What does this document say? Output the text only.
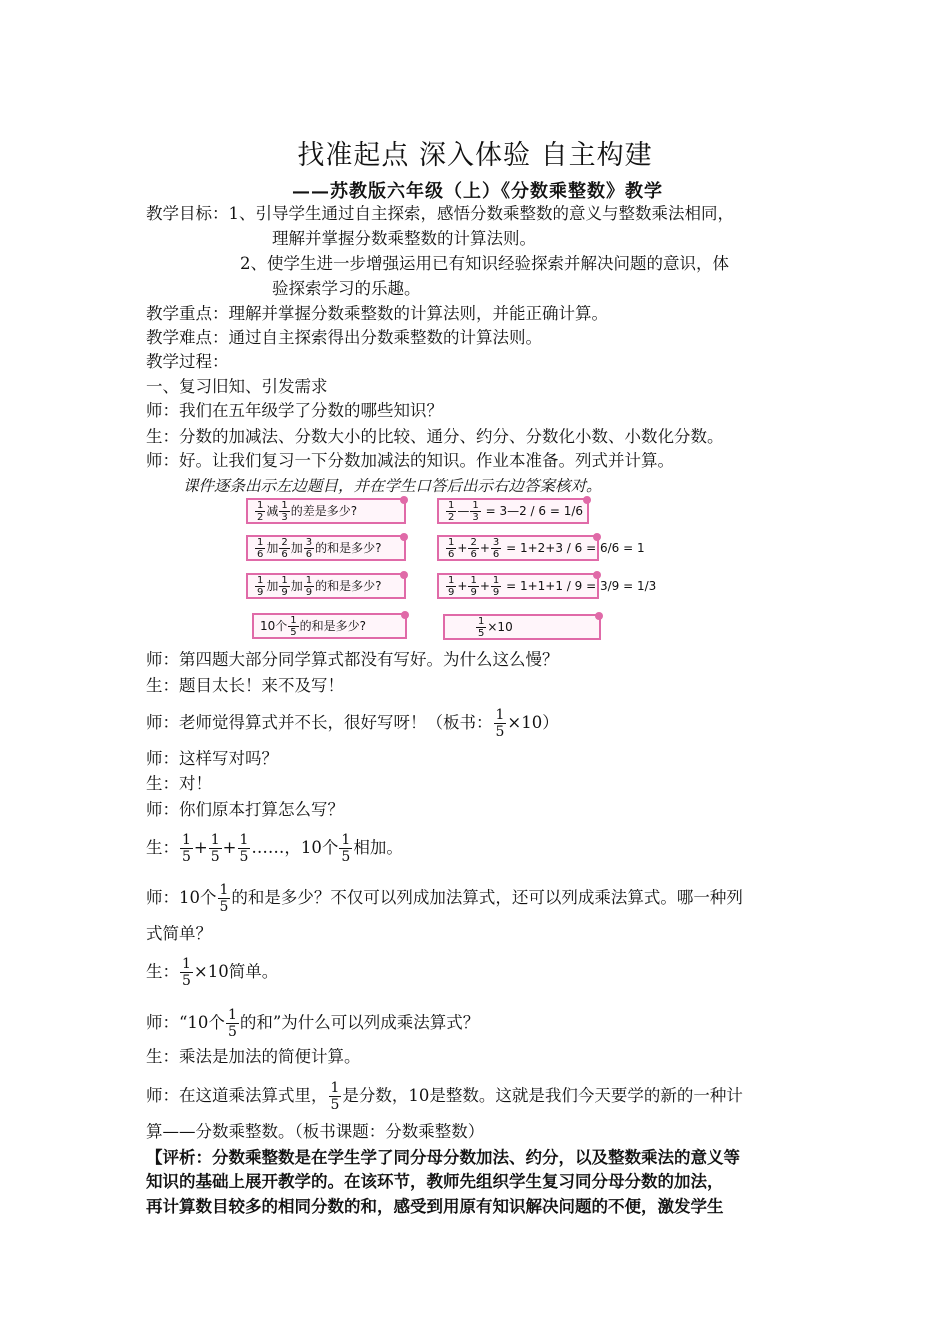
找准起点 深入体验 自主构建
——苏教版六年级（上）《分数乘整数》教学
教学目标：1、引导学生通过自主探索，感悟分数乘整数的意义与整数乘法相同，
理解并掌握分数乘整数的计算法则。
2、使学生进一步增强运用已有知识经验探索并解决问题的意识，体
验探索学习的乐趣。
教学重点：理解并掌握分数乘整数的计算法则，并能正确计算。
教学难点：通过自主探索得出分数乘整数的计算法则。
教学过程：
一、复习旧知、引发需求
师：我们在五年级学了分数的哪些知识？
生：分数的加减法、分数大小的比较、通分、约分、分数化小数、小数化分数。
师：好。让我们复习一下分数加减法的知识。作业本准备。列式并计算。
课件逐条出示左边题目，并在学生口答后出示右边答案核对。
$\frac{1}{2}$ 减 $\frac{1}{3}$ 的差是多少?
$\frac{1}{6}$ 加 $\frac{2}{6}$ 加 $\frac{3}{6}$ 的和是多少?
$\frac{1}{9}$ 加 $\frac{1}{9}$ 加 $\frac{1}{9}$ 的和是多少?
10个 $\frac{1}{5}$ 的和是多少?
$\frac{1}{2}$ — $\frac{1}{3}$ = 3—2 / 6 = 1/6
$\frac{1}{6} + \frac{2}{6} + \frac{3}{6} = 1+2+3 / 6 = 6/6 = 1$
$\frac{1}{9} + \frac{1}{9} + \frac{1}{9} = 1+1+1 / 9 = 3/9 = 1/3$
$\frac{1}{5} \times 10$
师：第四题大部分同学算式都没有写好。为什么这么慢？
生：题目太长！来不及写！
师：老师觉得算式并不长，很好写呀！（板书： $\frac{1}{5} \times 10$）
师：这样写对吗？
生：对！
师：你们原本打算怎么写？
生： $\frac{1}{5} + \frac{1}{5} + \frac{1}{5}$ ……，10个 $\frac{1}{5}$ 相加。
师：10个 $\frac{1}{5}$ 的和是多少？不仅可以列成加法算式，还可以列成乘法算式。哪一种列
式简单？
生： $\frac{1}{5} \times 10$简单。
师：“10个 $\frac{1}{5}$ 的和”为什么可以列成乘法算式？
生：乘法是加法的简便计算。
师：在这道乘法算式里， $\frac{1}{5}$ 是分数，10是整数。这就是我们今天要学的新的一种计
算——分数乘整数。（板书课题：分数乘整数）
【评析：分数乘整数是在学生学了同分母分数加法、约分，以及整数乘法的意义等
知识的基础上展开教学的。在该环节，教师先组织学生复习同分母分数的加法，
再计算数目较多的相同分数的和，感受到用原有知识解决问题的不便，激发学生
